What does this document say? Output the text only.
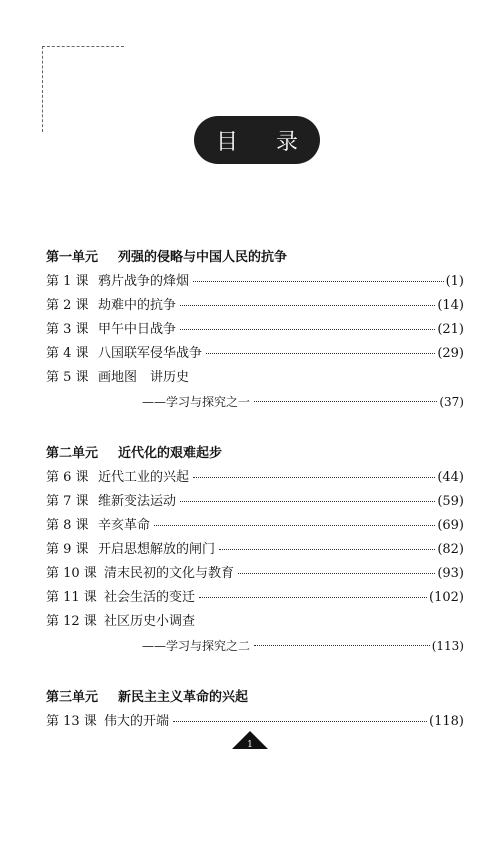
目 录
第一单元	列强的侵略与中国人民的抗争
第 1 课 鸦片战争的烽烟	(1)
第 2 课 劫难中的抗争	(14)
第 3 课 甲午中日战争	(21)
第 4 课 八国联军侵华战争	(29)
第 5 课 画地图　讲历史
——学习与探究之一	(37)
第二单元	近代化的艰难起步
第 6 课 近代工业的兴起	(44)
第 7 课 维新变法运动	(59)
第 8 课 辛亥革命	(69)
第 9 课 开启思想解放的闸门	(82)
第 10 课 清末民初的文化与教育	(93)
第 11 课 社会生活的变迁	(102)
第 12 课 社区历史小调查
——学习与探究之二	(113)
第三单元	新民主主义革命的兴起
第 13 课 伟大的开端	(118)
1
